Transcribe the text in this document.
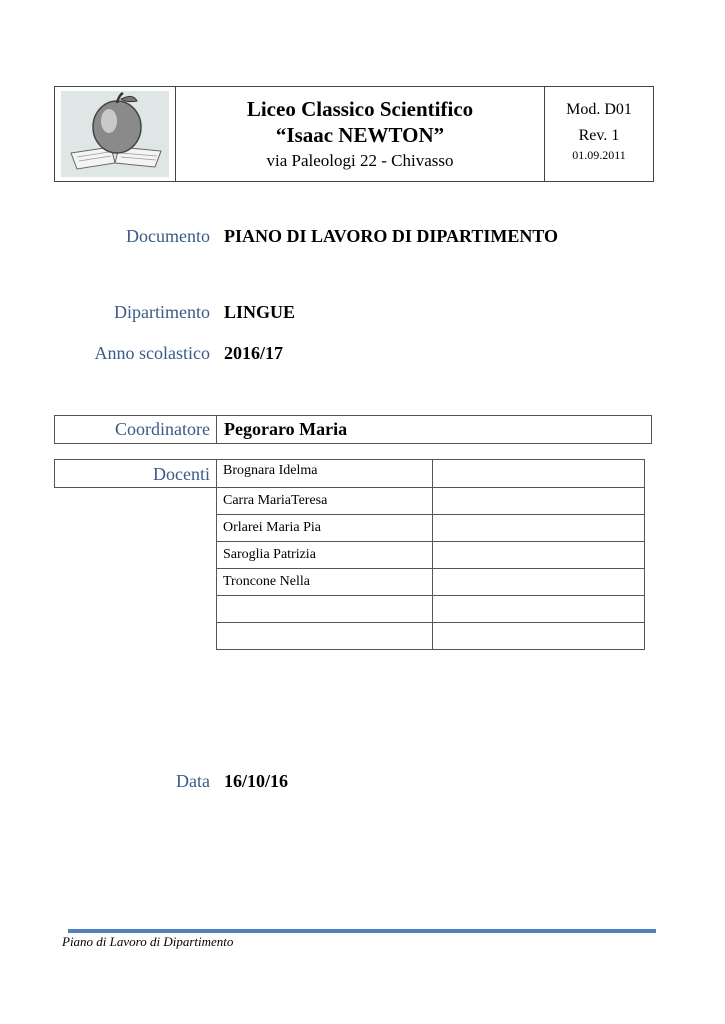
Liceo Classico Scientifico
“Isaac NEWTON”
via Paleologi 22 - Chivasso
Mod. D01
Rev. 1
01.09.2011
Documento PIANO DI LAVORO DI DIPARTIMENTO
Dipartimento LINGUE
Anno scolastico 2016/17
Coordinatore Pegoraro Maria
Docenti Brognara Idelma	
Carra MariaTeresa	
Orlarei Maria Pia	
Saroglia Patrizia	
Troncone Nella	

Data 16/10/16
Piano di Lavoro di Dipartimento
